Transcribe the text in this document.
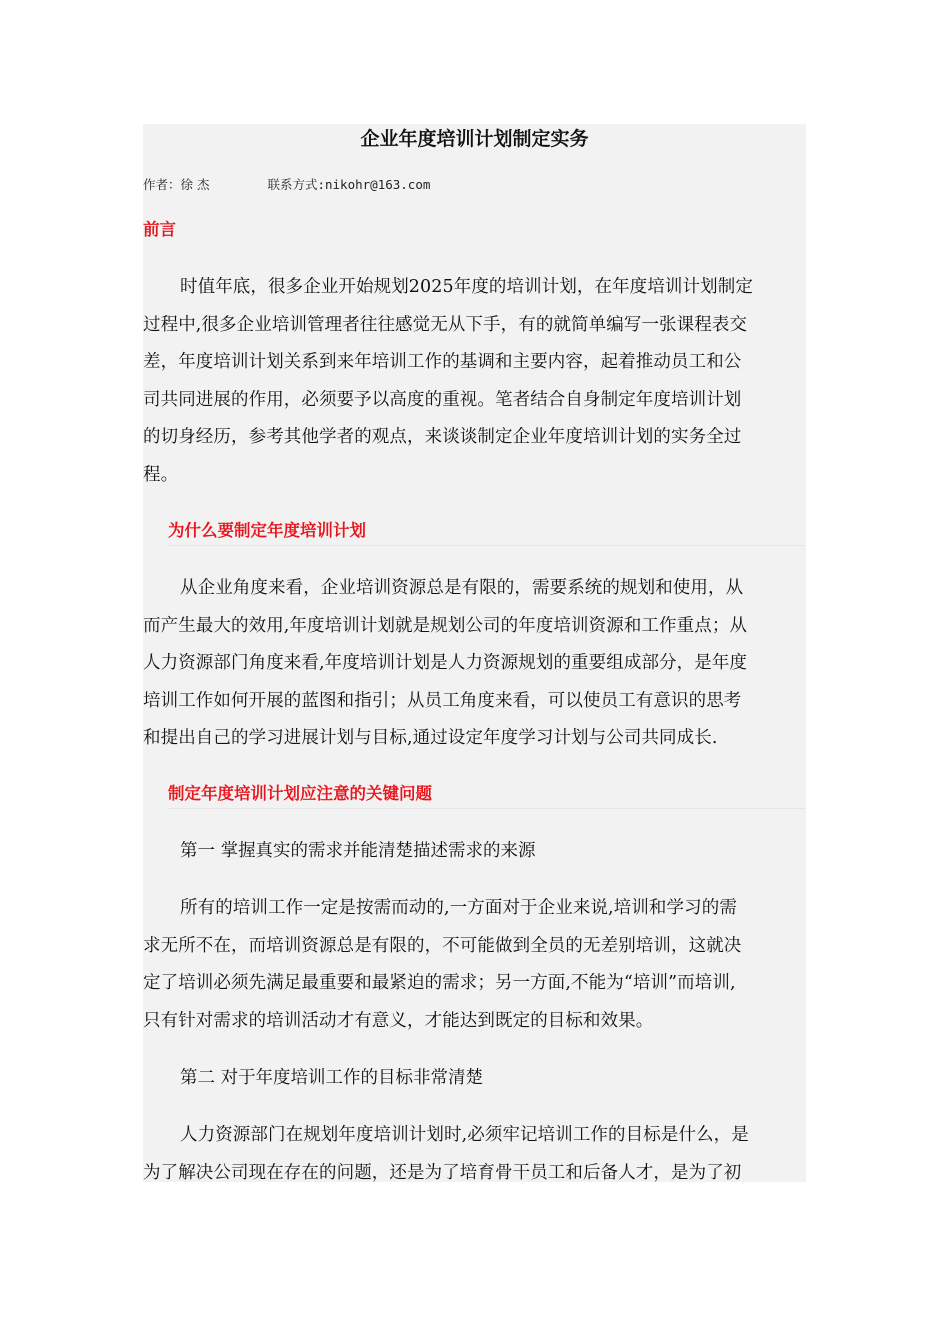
企业年度培训计划制定实务
作者：徐 杰	联系方式:nikohr@163.com
前言
时值年底，很多企业开始规划2025年度的培训计划，在年度培训计划制定
过程中,很多企业培训管理者往往感觉无从下手，有的就简单编写一张课程表交
差，年度培训计划关系到来年培训工作的基调和主要内容，起着推动员工和公
司共同进展的作用，必须要予以高度的重视。笔者结合自身制定年度培训计划
的切身经历，参考其他学者的观点，来谈谈制定企业年度培训计划的实务全过
程。
为什么要制定年度培训计划
从企业角度来看，企业培训资源总是有限的，需要系统的规划和使用，从
而产生最大的效用,年度培训计划就是规划公司的年度培训资源和工作重点；从
人力资源部门角度来看,年度培训计划是人力资源规划的重要组成部分，是年度
培训工作如何开展的蓝图和指引；从员工角度来看，可以使员工有意识的思考
和提出自己的学习进展计划与目标,通过设定年度学习计划与公司共同成长.
制定年度培训计划应注意的关键问题
第一 掌握真实的需求并能清楚描述需求的来源
所有的培训工作一定是按需而动的,一方面对于企业来说,培训和学习的需
求无所不在，而培训资源总是有限的，不可能做到全员的无差别培训，这就决
定了培训必须先满足最重要和最紧迫的需求；另一方面,不能为“培训”而培训,
只有针对需求的培训活动才有意义，才能达到既定的目标和效果。
第二 对于年度培训工作的目标非常清楚
人力资源部门在规划年度培训计划时,必须牢记培训工作的目标是什么，是
为了解决公司现在存在的问题，还是为了培育骨干员工和后备人才，是为了初
